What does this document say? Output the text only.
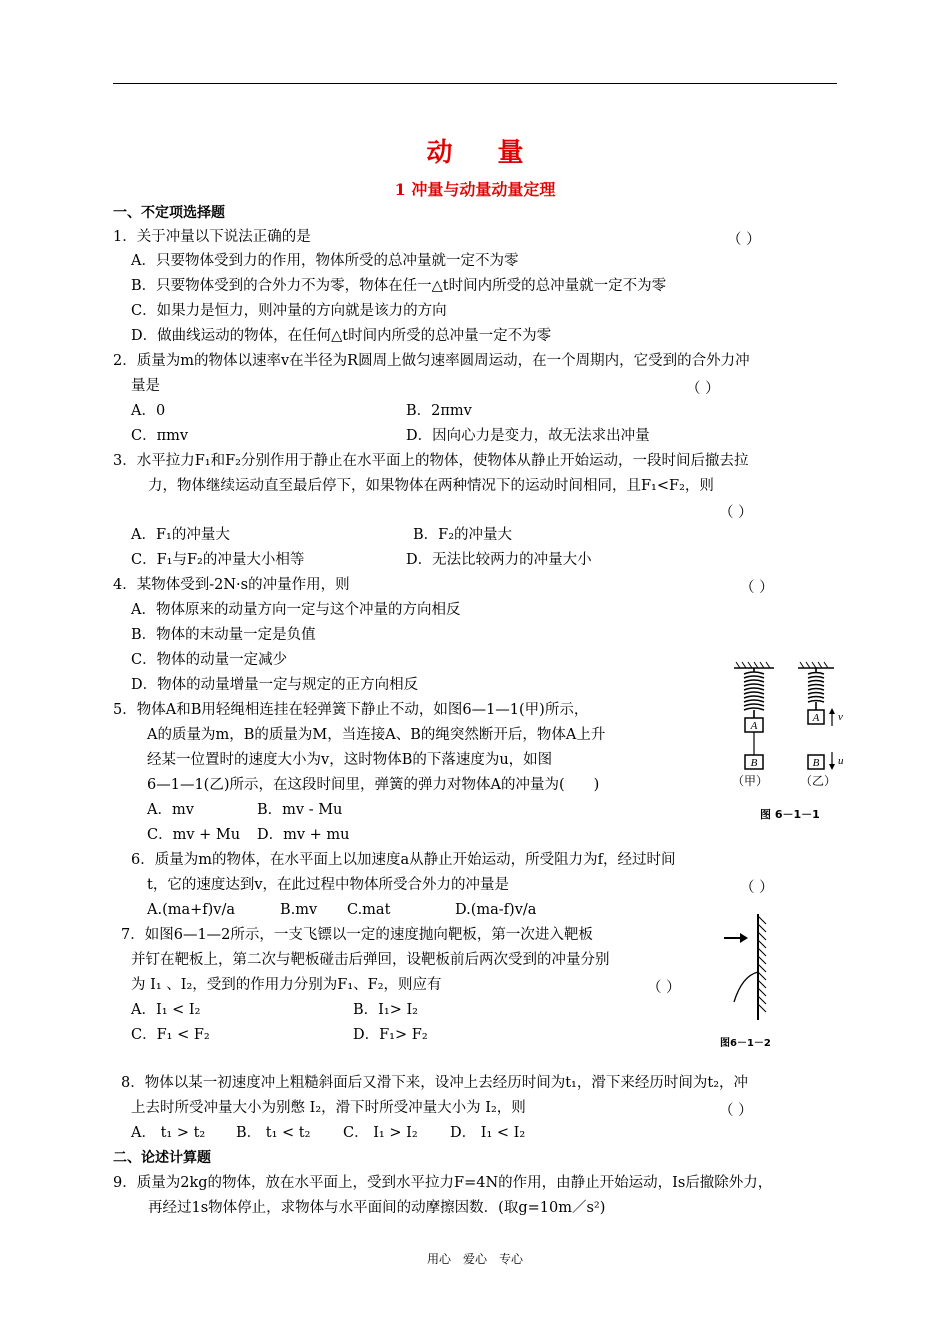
动 量
1 冲量与动量动量定理
一、不定项选择题
1．关于冲量以下说法正确的是	（ ）
A．只要物体受到力的作用，物体所受的总冲量就一定不为零
B．只要物体受到的合外力不为零，物体在任一△t时间内所受的总冲量就一定不为零
C．如果力是恒力，则冲量的方向就是该力的方向
D．做曲线运动的物体，在任何△t时间内所受的总冲量一定不为零
2．质量为m的物体以速率v在半径为R圆周上做匀速率圆周运动，在一个周期内，它受到的合外力冲
量是	（ ）
A．0	B．2πmv
C．πmv	D．因向心力是变力，故无法求出冲量
3．水平拉力F₁和F₂分别作用于静止在水平面上的物体，使物体从静止开始运动，一段时间后撤去拉
力，物体继续运动直至最后停下，如果物体在两种情况下的运动时间相同，且F₁<F₂，则
（ ）
A．F₁的冲量大	B．F₂的冲量大
C．F₁与F₂的冲量大小相等	D．无法比较两力的冲量大小
4．某物体受到-2N·s的冲量作用，则	（ ）
A．物体原来的动量方向一定与这个冲量的方向相反
B．物体的末动量一定是负值
C．物体的动量一定减少
D．物体的动量增量一定与规定的正方向相反
5．物体A和B用轻绳相连挂在轻弹簧下静止不动，如图6—1—1(甲)所示，
A的质量为m，B的质量为M，当连接A、B的绳突然断开后，物体A上升
经某一位置时的速度大小为v，这时物体B的下落速度为u，如图
6—1—1(乙)所示，在这段时间里，弹簧的弹力对物体A的冲量为(　　)
A．mv	B．mv - Mu
C．mv + Mu D．mv + mu
A
B
（甲）
A v
B u
（乙）
图 6－1－1
6．质量为m的物体，在水平面上以加速度a从静止开始运动，所受阻力为f，经过时间
t，它的速度达到v，在此过程中物体所受合外力的冲量是	（ ）
A.(ma+f)v/a	B.mv C.mat	D.(ma-f)v/a
7．如图6—1—2所示，一支飞镖以一定的速度抛向靶板，第一次进入靶板
并钉在靶板上，第二次与靶板碰击后弹回，设靶板前后两次受到的冲量分别
为 I₁ 、I₂，受到的作用力分别为F₁、F₂，则应有	（ ）
A．I₁ < I₂	B．I₁> I₂
C．F₁ < F₂	D．F₁> F₂
图6－1－2
8．物体以某一初速度冲上粗糙斜面后又滑下来，设冲上去经历时间为t₁，滑下来经历时间为t₂，冲
上去时所受冲量大小为别憋 I₂，滑下时所受冲量大小为 I₂，则	（ ）
A． t₁ > t₂ B． t₁ < t₂ C． I₁ > I₂ D． I₁ < I₂
二、论述计算题
9．质量为2kg的物体，放在水平面上，受到水平拉力F=4N的作用，由静止开始运动，Is后撤除外力，
再经过1s物体停止，求物体与水平面间的动摩擦因数．(取g=10m／s²)
用心　爱心　专心
